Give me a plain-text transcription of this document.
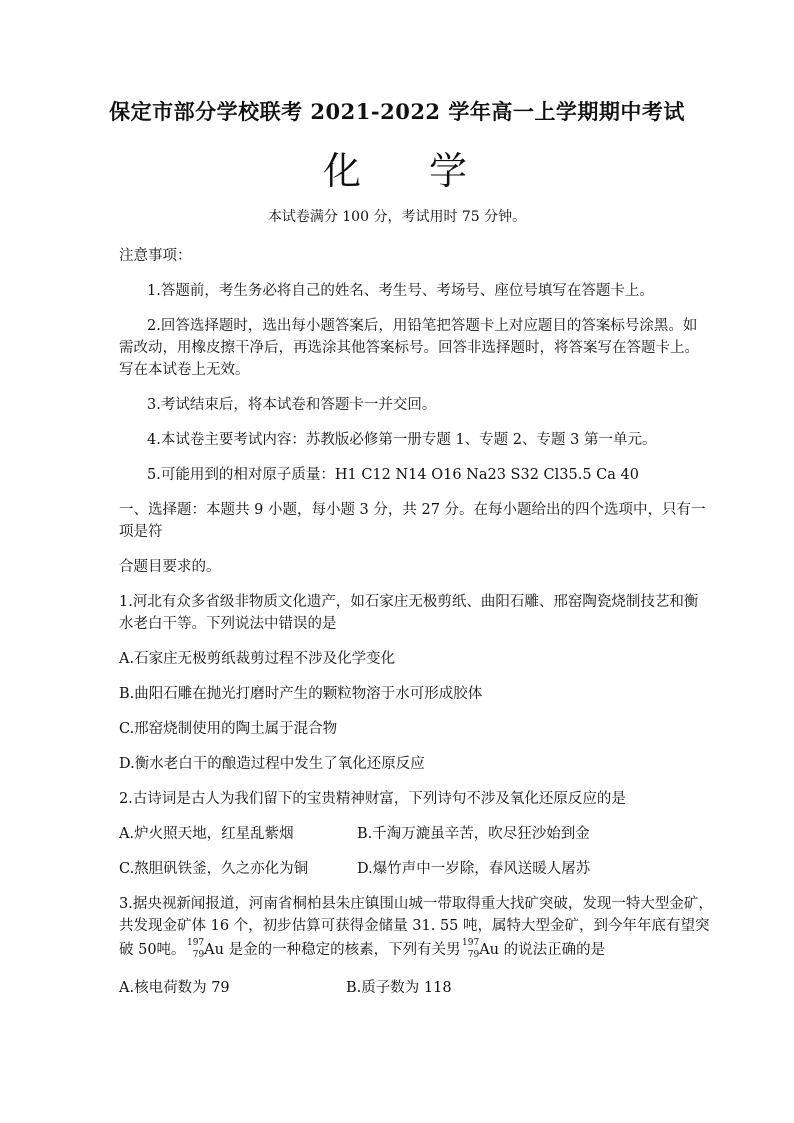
保定市部分学校联考 2021-2022 学年高一上学期期中考试
化 学
本试卷满分 100 分，考试用时 75 分钟。
注意事项：
1.答题前，考生务必将自己的姓名、考生号、考场号、座位号填写在答题卡上。
2.回答选择题时，选出每小题答案后，用铅笔把答题卡上对应题目的答案标号涂黑。如
需改动，用橡皮擦干净后，再选涂其他答案标号。回答非选择题时，将答案写在答题卡上。
写在本试卷上无效。
3.考试结束后，将本试卷和答题卡一并交回。
4.本试卷主要考试内容：苏教版必修第一册专题 1、专题 2、专题 3 第一单元。
5.可能用到的相对原子质量：H1 C12 N14 O16 Na23 S32 Cl35.5 Ca 40
一、选择题：本题共 9 小题，每小题 3 分，共 27 分。在每小题给出的四个选项中，只有一
项是符
合题目要求的。
1.河北有众多省级非物质文化遗产，如石家庄无极剪纸、曲阳石雕、邢窑陶瓷烧制技艺和衡
水老白干等。下列说法中错误的是
A.石家庄无极剪纸裁剪过程不涉及化学变化
B.曲阳石雕在抛光打磨时产生的颗粒物溶于水可形成胶体
C.邢窑烧制使用的陶土属于混合物
D.衡水老白干的酿造过程中发生了氧化还原反应
2.古诗词是古人为我们留下的宝贵精神财富，下列诗句不涉及氧化还原反应的是
A.炉火照天地，红星乱紫烟	B.千淘万漉虽辛苦，吹尽狂沙始到金
C.熬胆矾铁釜，久之亦化为铜	D.爆竹声中一岁除，春风送暖人屠苏
3.据央视新闻报道，河南省桐柏县朱庄镇围山城一带取得重大找矿突破，发现一特大型金矿，
共发现金矿体 16 个，初步估算可获得金储量 31. 55 吨，属特大型金矿，到今年年底有望突
破 50吨。 197
79 Au 是金的一种稳定的核素，下列有关男 197
79 Au 的说法正确的是
A.核电荷数为 79	B.质子数为 118
